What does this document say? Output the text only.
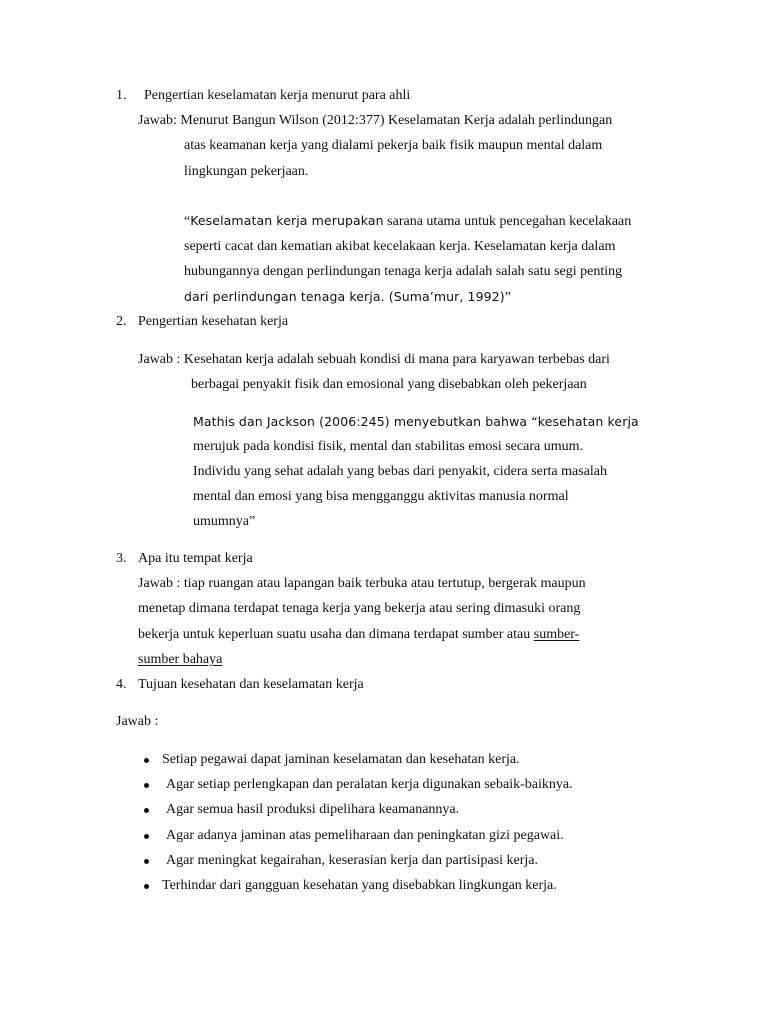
1. Pengertian keselamatan kerja menurut para ahli
Jawab: Menurut Bangun Wilson (2012:377) Keselamatan Kerja adalah perlindungan
atas keamanan kerja yang dialami pekerja baik fisik maupun mental dalam
lingkungan pekerjaan.
“Keselamatan kerja merupakan sarana utama untuk pencegahan kecelakaan
seperti cacat dan kematian akibat kecelakaan kerja. Keselamatan kerja dalam
hubungannya dengan perlindungan tenaga kerja adalah salah satu segi penting
dari perlindungan tenaga kerja. (Suma’mur, 1992)”
2. Pengertian kesehatan kerja
Jawab : Kesehatan kerja adalah sebuah kondisi di mana para karyawan terbebas dari
berbagai penyakit fisik dan emosional yang disebabkan oleh pekerjaan
Mathis dan Jackson (2006:245) menyebutkan bahwa “kesehatan kerja
merujuk pada kondisi fisik, mental dan stabilitas emosi secara umum.
Individu yang sehat adalah yang bebas dari penyakit, cidera serta masalah
mental dan emosi yang bisa mengganggu aktivitas manusia normal
umumnya”
3. Apa itu tempat kerja
Jawab : tiap ruangan atau lapangan baik terbuka atau tertutup, bergerak maupun
menetap dimana terdapat tenaga kerja yang bekerja atau sering dimasuki orang
bekerja untuk keperluan suatu usaha dan dimana terdapat sumber atau sumber-
sumber bahaya
4. Tujuan kesehatan dan keselamatan kerja
Jawab :
Setiap pegawai dapat jaminan keselamatan dan kesehatan kerja.
Agar setiap perlengkapan dan peralatan kerja digunakan sebaik-baiknya.
Agar semua hasil produksi dipelihara keamanannya.
Agar adanya jaminan atas pemeliharaan dan peningkatan gizi pegawai.
Agar meningkat kegairahan, keserasian kerja dan partisipasi kerja.
Terhindar dari gangguan kesehatan yang disebabkan lingkungan kerja.
